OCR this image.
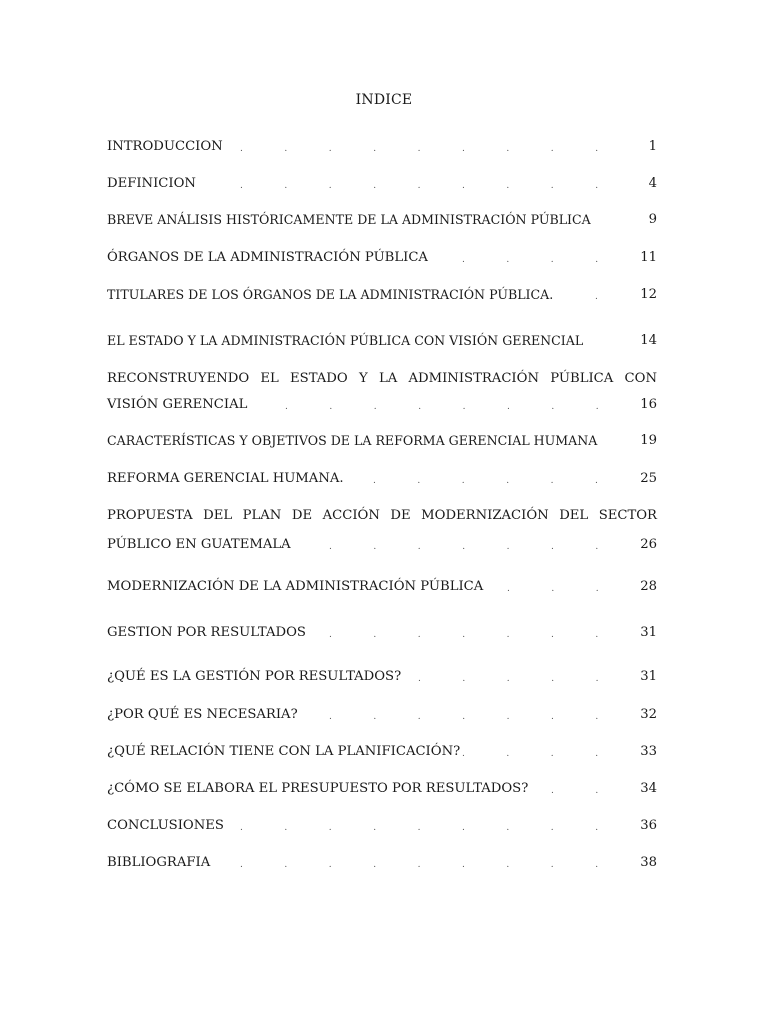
INDICE
INTRODUCCION .	.	.	.	.	.	.	.	.	1
DEFINICION	.	.	.	.	.	.	.	.	.	4
BREVE ANÁLISIS HISTÓRICAMENTE DE LA ADMINISTRACIÓN PÚBLICA	9
ÓRGANOS DE LA ADMINISTRACIÓN PÚBLICA	.	.	.	.	11
TITULARES DE LOS ÓRGANOS DE LA ADMINISTRACIÓN PÚBLICA.	.	12
EL ESTADO Y LA ADMINISTRACIÓN PÚBLICA CON VISIÓN GERENCIAL	14
RECONSTRUYENDO EL ESTADO Y LA ADMINISTRACIÓN PÚBLICA CON
VISIÓN GERENCIAL	.	.	.	.	.	.	.	.	16
CARACTERÍSTICAS Y OBJETIVOS DE LA REFORMA GERENCIAL HUMANA	19
REFORMA GERENCIAL HUMANA.	.	.	.	.	.	.	25
PROPUESTA DEL PLAN DE ACCIÓN DE MODERNIZACIÓN DEL SECTOR
PÚBLICO EN GUATEMALA	.	.	.	.	.	.	.	26
MODERNIZACIÓN DE LA ADMINISTRACIÓN PÚBLICA	.	.	.	28
GESTION POR RESULTADOS	.	.	.	.	.	.	.	31
¿QUÉ ES LA GESTIÓN POR RESULTADOS? .	.	.	.	.	31
¿POR QUÉ ES NECESARIA?	.	.	.	.	.	.	.	32
¿QUÉ RELACIÓN TIENE CON LA PLANIFICACIÓN? .	.	.	.	33
¿CÓMO SE ELABORA EL PRESUPUESTO POR RESULTADOS?	.	.	34
CONCLUSIONES .	.	.	.	.	.	.	.	.	36
BIBLIOGRAFIA	.	.	.	.	.	.	.	.	.	38
